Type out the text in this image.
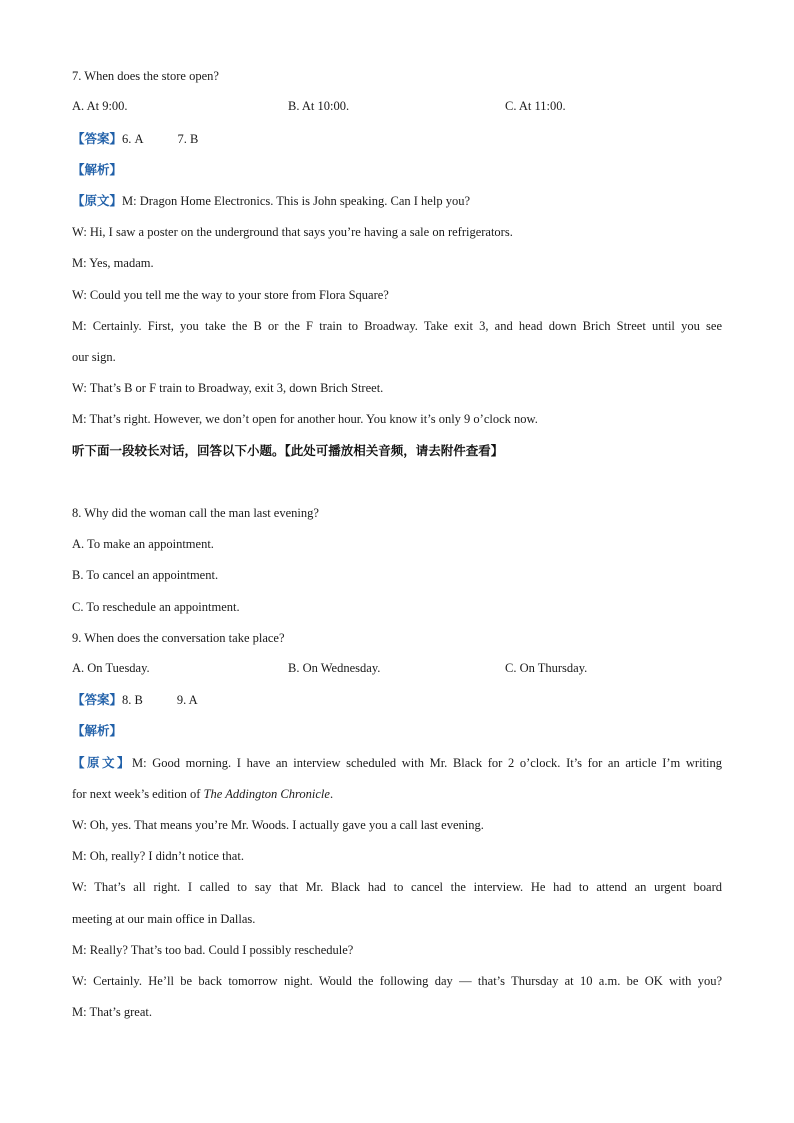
7. When does the store open?
A. At 9:00.	B. At 10:00.	C. At 11:00.
【答案】6. A	7. B
【解析】
【原文】M: Dragon Home Electronics. This is John speaking. Can I help you?
W: Hi, I saw a poster on the underground that says you’re having a sale on refrigerators.
M: Yes, madam.
W: Could you tell me the way to your store from Flora Square?
M: Certainly. First, you take the B or the F train to Broadway. Take exit 3, and head down Brich Street until you see
our sign.
W: That’s B or F train to Broadway, exit 3, down Brich Street.
M: That’s right. However, we don’t open for another hour. You know it’s only 9 o’clock now.
听下面一段较长对话，回答以下小题。【此处可播放相关音频，请去附件查看】
8. Why did the woman call the man last evening?
A. To make an appointment.
B. To cancel an appointment.
C. To reschedule an appointment.
9. When does the conversation take place?
A. On Tuesday.	B. On Wednesday.	C. On Thursday.
【答案】8. B	9. A
【解析】
【原文】M: Good morning. I have an interview scheduled with Mr. Black for 2 o’clock. It’s for an article I’m writing
for next week’s edition of The Addington Chronicle.
W: Oh, yes. That means you’re Mr. Woods. I actually gave you a call last evening.
M: Oh, really? I didn’t notice that.
W: That’s all right. I called to say that Mr. Black had to cancel the interview. He had to attend an urgent board
meeting at our main office in Dallas.
M: Really? That’s too bad. Could I possibly reschedule?
W: Certainly. He’ll be back tomorrow night. Would the following day — that’s Thursday at 10 a.m. be OK with you?
M: That’s great.
